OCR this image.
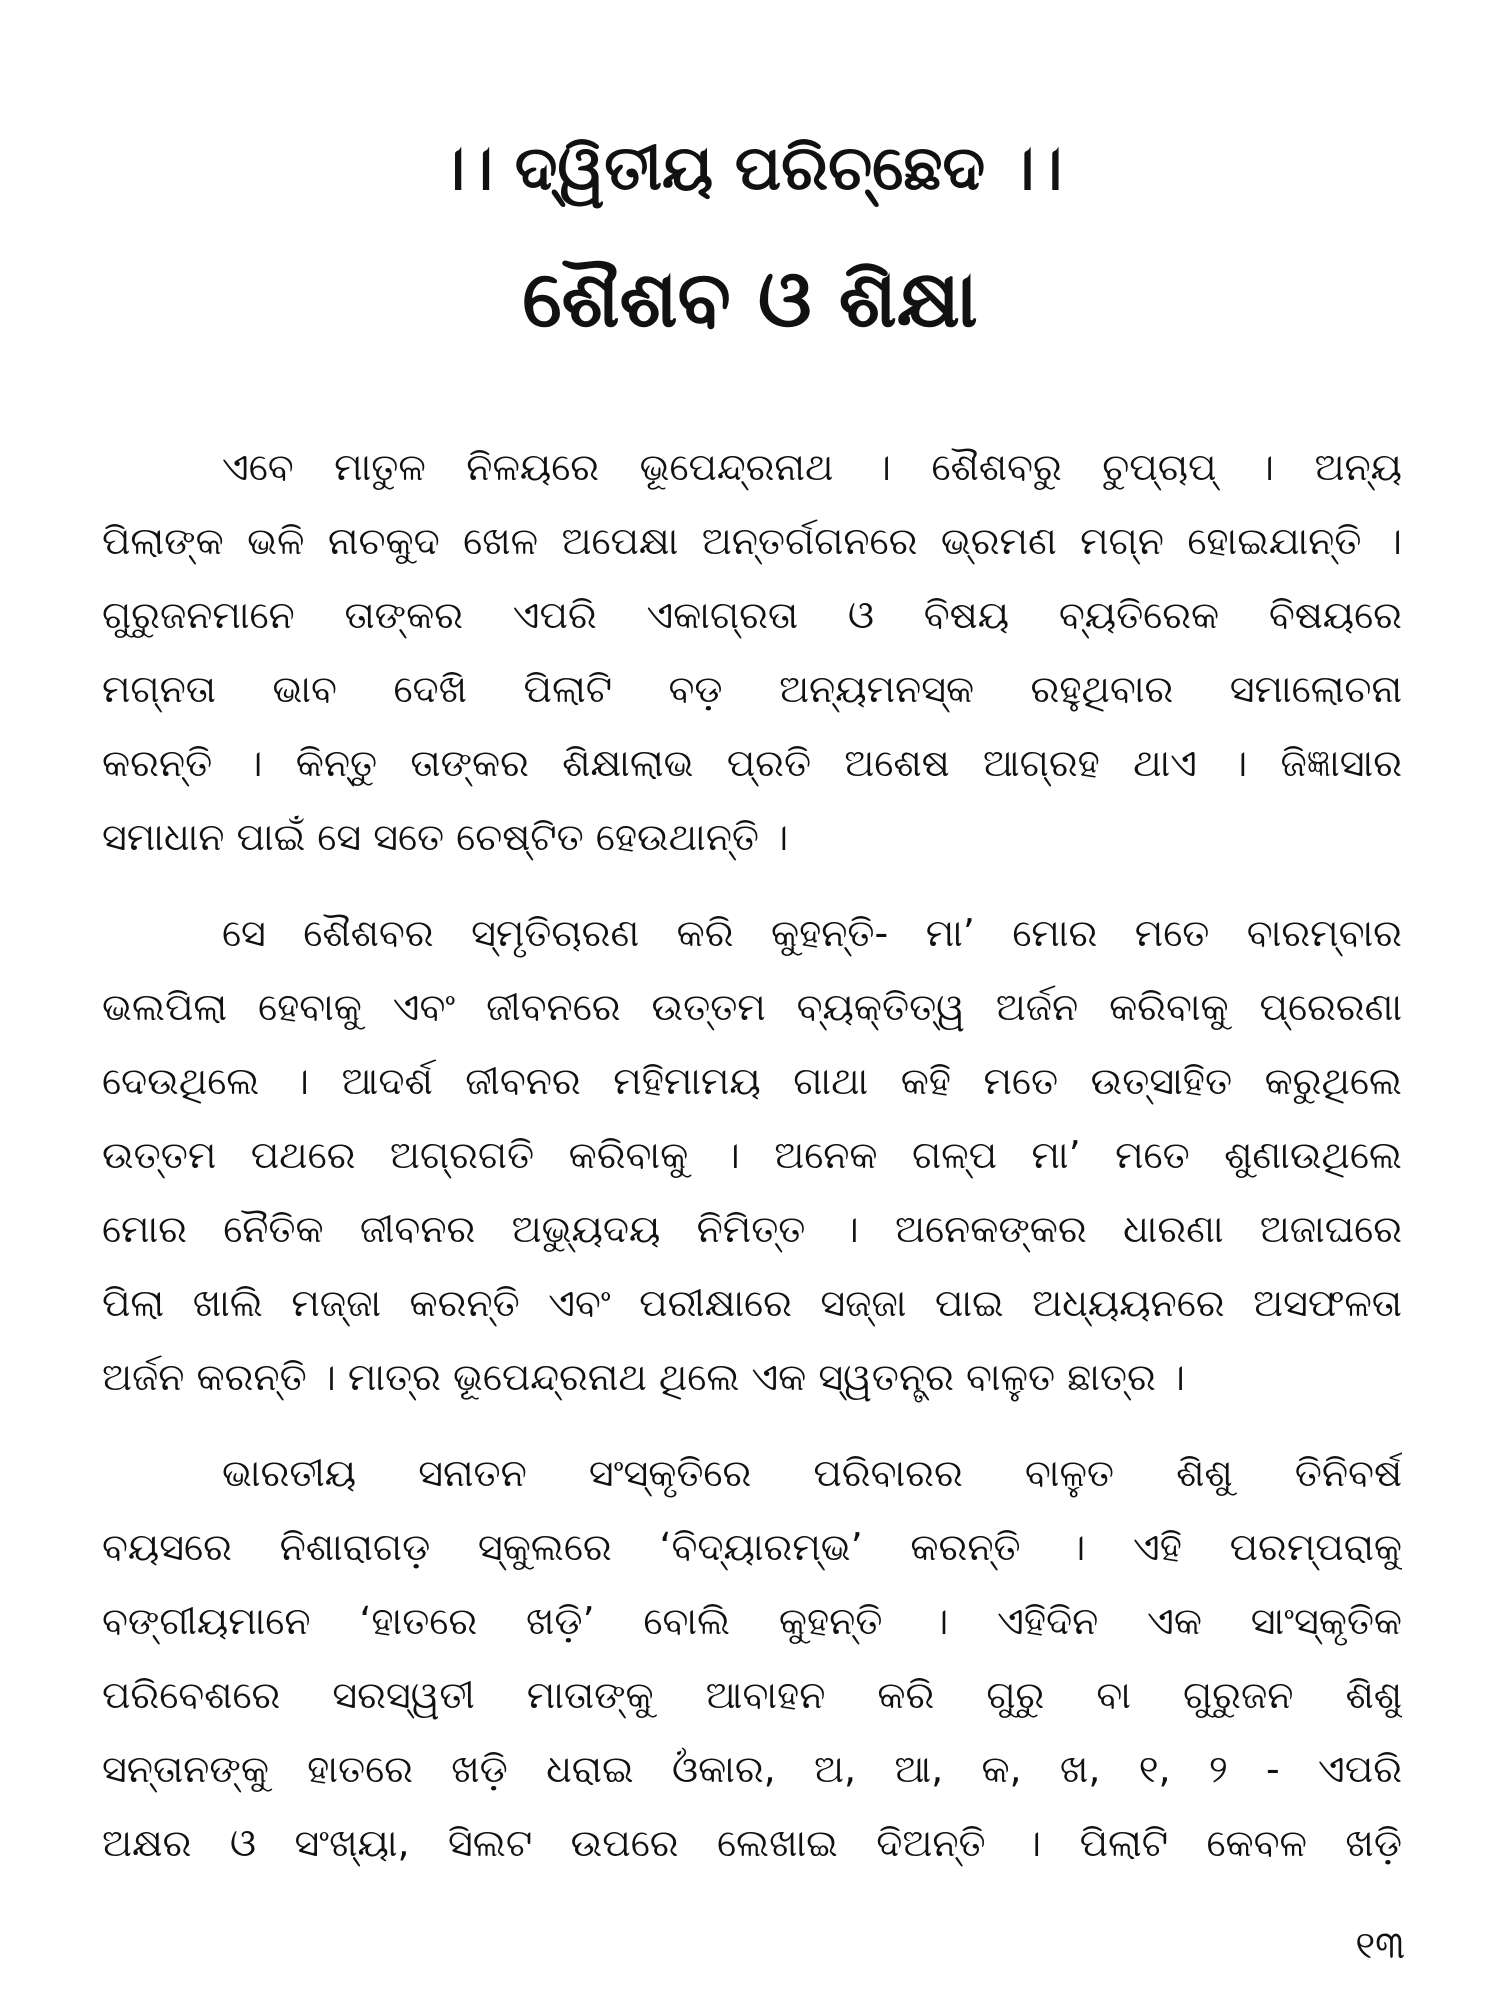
।। ଦ୍ୱିତୀୟ ପରିଚ୍ଛେଦ ।।
ଶୈଶବ ଓ ଶିକ୍ଷା
ଏବେ ମାତୁଳ ନିଳୟରେ ଭୂପେନ୍ଦ୍ରନାଥ । ଶୈଶବରୁ ଚୁପ୍‌ଚାପ୍ । ଅନ୍ୟ
ପିଲାଙ୍କ ଭଳି ନାଚକୁଦ ଖେଳ ଅପେକ୍ଷା ଅନ୍ତର୍ଗଗନରେ ଭ୍ରମଣ ମଗ୍ନ ହୋଇଯାନ୍ତି ।
ଗୁରୁଜନମାନେ ତାଙ୍କର ଏପରି ଏକାଗ୍ରତା ଓ ବିଷୟ ବ୍ୟତିରେକ ବିଷୟରେ
ମଗ୍ନତା ଭାବ ଦେଖି ପିଲାଟି ବଡ଼ ଅନ୍ୟମନସ୍କ ରହୁଥିବାର ସମାଲୋଚନା
କରନ୍ତି । କିନ୍ତୁ ତାଙ୍କର ଶିକ୍ଷାଲାଭ ପ୍ରତି ଅଶେଷ ଆଗ୍ରହ ଥାଏ । ଜିଜ୍ଞାସାର
ସମାଧାନ ପାଇଁ ସେ ସତେ ଚେଷ୍ଟିତ ହେଉଥାନ୍ତି ।
ସେ ଶୈଶବର ସ୍ମୃତିଚାରଣ କରି କୁହନ୍ତି- ମା’ ମୋର ମତେ ବାରମ୍ବାର
ଭଲପିଲା ହେବାକୁ ଏବଂ ଜୀବନରେ ଉତ୍ତମ ବ୍ୟକ୍ତିତ୍ୱ ଅର୍ଜନ କରିବାକୁ ପ୍ରେରଣା
ଦେଉଥିଲେ । ଆଦର୍ଶ ଜୀବନର ମହିମାମୟ ଗାଥା କହି ମତେ ଉତ୍ସାହିତ କରୁଥିଲେ
ଉତ୍ତମ ପଥରେ ଅଗ୍ରଗତି କରିବାକୁ । ଅନେକ ଗଳ୍ପ ମା’ ମତେ ଶୁଣାଉଥିଲେ
ମୋର ନୈତିକ ଜୀବନର ଅଭ୍ୟୁଦୟ ନିମିତ୍ତ । ଅନେକଙ୍କର ଧାରଣା ଅଜାଘରେ
ପିଲା ଖାଲି ମଜ୍ଜା କରନ୍ତି ଏବଂ ପରୀକ୍ଷାରେ ସଜ୍ଜା ପାଇ ଅଧ୍ୟୟନରେ ଅସଫଳତା
ଅର୍ଜନ କରନ୍ତି । ମାତ୍ର ଭୂପେନ୍ଦ୍ରନାଥ ଥିଲେ ଏକ ସ୍ୱତନ୍ତ୍ର ବାଳୁତ ଛାତ୍ର ।
ଭାରତୀୟ ସନାତନ ସଂସ୍କୃତିରେ ପରିବାରର ବାଳୁତ ଶିଶୁ ତିନିବର୍ଷ
ବୟସରେ ନିଶାରାଗଡ଼ ସ୍କୁଲରେ ‘ବିଦ୍ୟାରମ୍ଭ’ କରନ୍ତି । ଏହି ପରମ୍ପରାକୁ
ବଙ୍ଗୀୟମାନେ ‘ହାତରେ ଖଡ଼ି’ ବୋଲି କୁହନ୍ତି । ଏହିଦିନ ଏକ ସାଂସ୍କୃତିକ
ପରିବେଶରେ ସରସ୍ୱତୀ ମାତାଙ୍କୁ ଆବାହନ କରି ଗୁରୁ ବା ଗୁରୁଜନ ଶିଶୁ
ସନ୍ତାନଙ୍କୁ ହାତରେ ଖଡ଼ି ଧରାଇ ଓଁକାର, ଅ, ଆ, କ, ଖ, ୧, ୨ - ଏପରି
ଅକ୍ଷର ଓ ସଂଖ୍ୟା, ସିଲଟ ଉପରେ ଲେଖାଇ ଦିଅନ୍ତି । ପିଲାଟି କେବଳ ଖଡ଼ି
୧୩
